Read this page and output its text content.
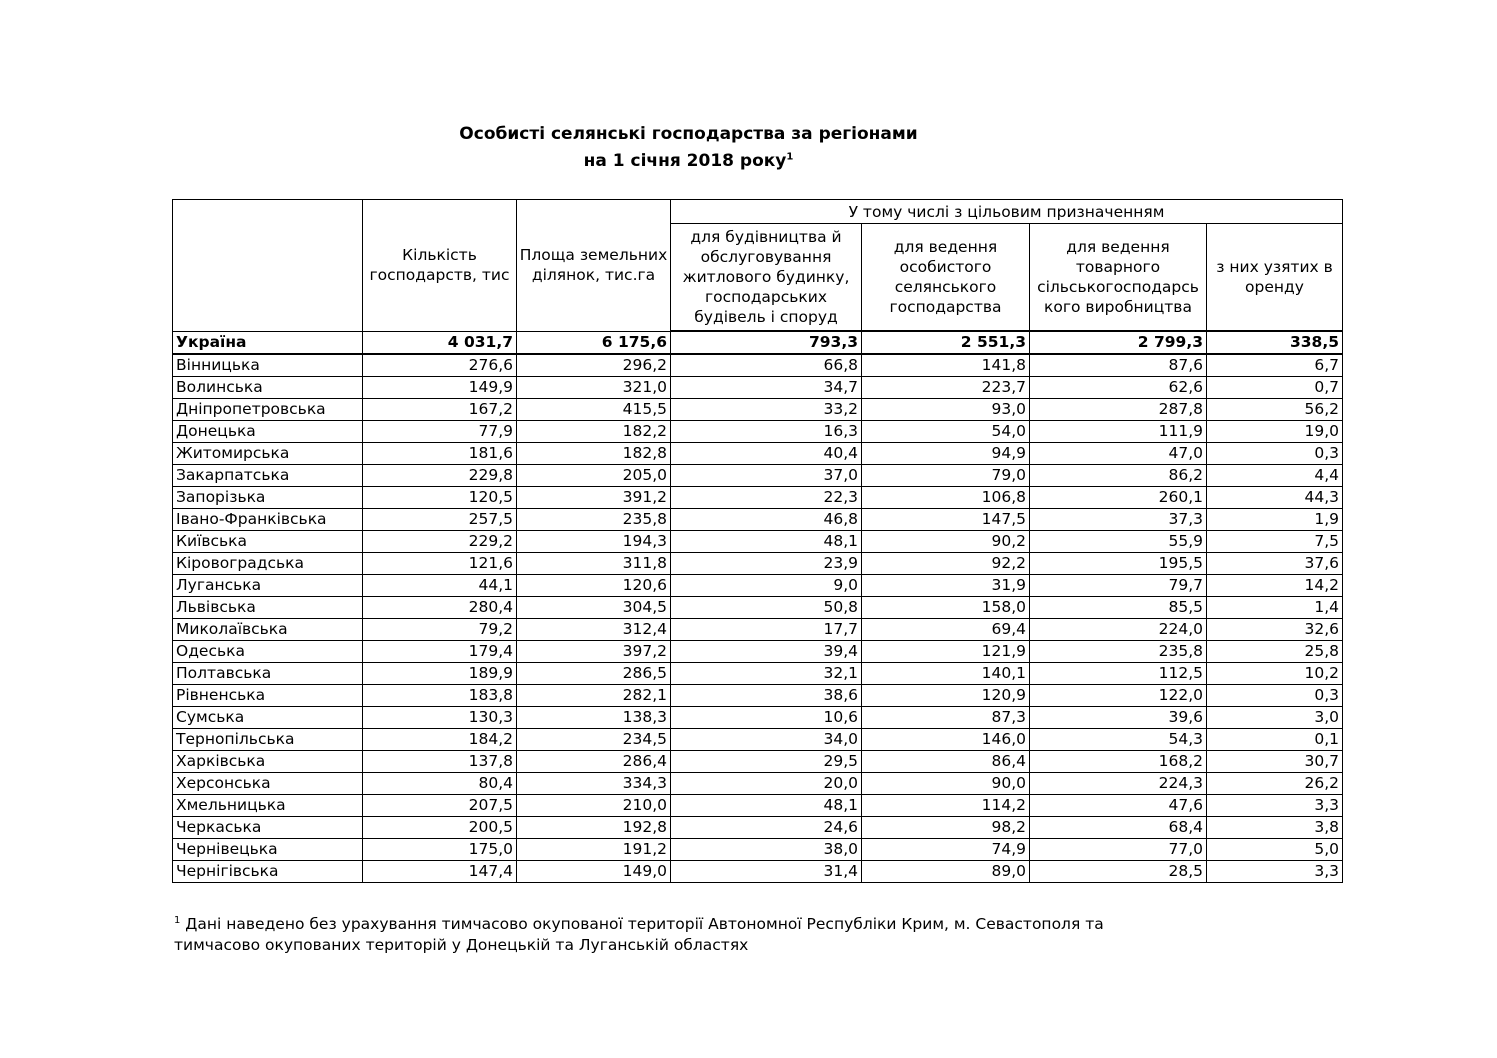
Особисті селянські господарства за регіонами
на 1 січня 2018 року$^1$
	Кількість господарств, тис	Площа земельних ділянок, тис.га	У тому числі з цільовим призначенням			
			для будівництва й обслуговування житлового будинку, господарських будівель і споруд	для ведення особистого селянського господарства	для ведення товарного сільськогосподарсь кого виробництва	з них узятих в оренду
Україна	4 031,7	6 175,6	793,3	2 551,3	2 799,3	338,5
Вінницька	276,6	296,2	66,8	141,8	87,6	6,7
Волинська	149,9	321,0	34,7	223,7	62,6	0,7
Дніпропетровська	167,2	415,5	33,2	93,0	287,8	56,2
Донецька	77,9	182,2	16,3	54,0	111,9	19,0
Житомирська	181,6	182,8	40,4	94,9	47,0	0,3
Закарпатська	229,8	205,0	37,0	79,0	86,2	4,4
Запорізька	120,5	391,2	22,3	106,8	260,1	44,3
Івано-Франківська	257,5	235,8	46,8	147,5	37,3	1,9
Київська	229,2	194,3	48,1	90,2	55,9	7,5
Кіровоградська	121,6	311,8	23,9	92,2	195,5	37,6
Луганська	44,1	120,6	9,0	31,9	79,7	14,2
Львівська	280,4	304,5	50,8	158,0	85,5	1,4
Миколаївська	79,2	312,4	17,7	69,4	224,0	32,6
Одеська	179,4	397,2	39,4	121,9	235,8	25,8
Полтавська	189,9	286,5	32,1	140,1	112,5	10,2
Рівненська	183,8	282,1	38,6	120,9	122,0	0,3
Сумська	130,3	138,3	10,6	87,3	39,6	3,0
Тернопільська	184,2	234,5	34,0	146,0	54,3	0,1
Харківська	137,8	286,4	29,5	86,4	168,2	30,7
Херсонська	80,4	334,3	20,0	90,0	224,3	26,2
Хмельницька	207,5	210,0	48,1	114,2	47,6	3,3
Черкаська	200,5	192,8	24,6	98,2	68,4	3,8
Чернівецька	175,0	191,2	38,0	74,9	77,0	5,0
Чернігівська	147,4	149,0	31,4	89,0	28,5	3,3
$^1$ Дані наведено без урахування тимчасово окупованої території Автономної Республіки Крим, м. Севастополя та
тимчасово окупованих територій у Донецькій та Луганській областях
